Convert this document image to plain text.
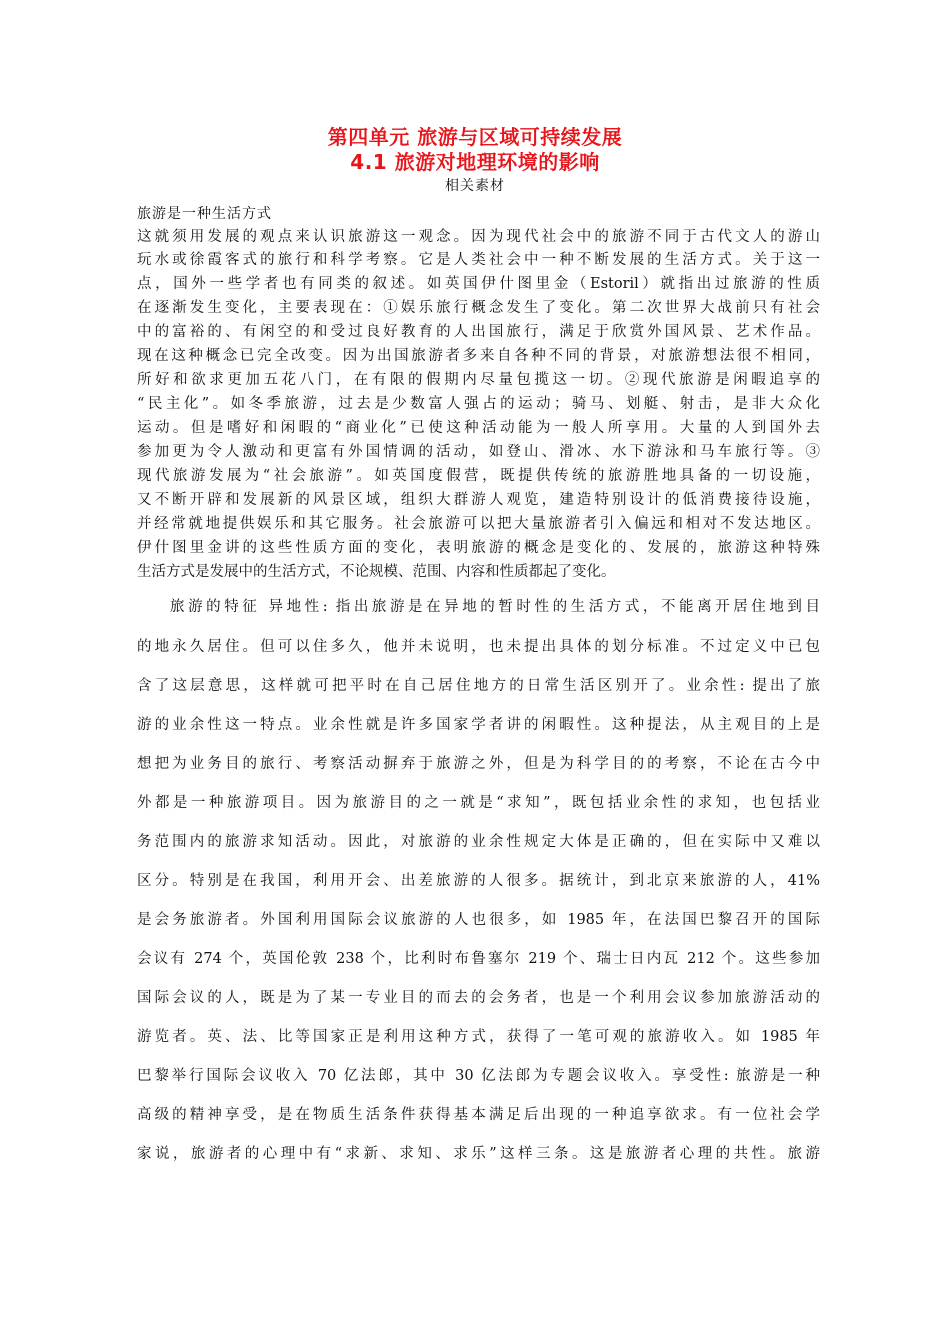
第四单元 旅游与区域可持续发展
4.1 旅游对地理环境的影响
相关素材
旅游是一种生活方式
这就须用发展的观点来认识旅游这一观念。因为现代社会中的旅游不同于古代文人的游山
玩水或徐霞客式的旅行和科学考察。它是人类社会中一种不断发展的生活方式。关于这一
点，国外一些学者也有同类的叙述。如英国伊什图里金（Estoril）就指出过旅游的性质
在逐渐发生变化，主要表现在：①娱乐旅行概念发生了变化。第二次世界大战前只有社会
中的富裕的、有闲空的和受过良好教育的人出国旅行，满足于欣赏外国风景、艺术作品。
现在这种概念已完全改变。因为出国旅游者多来自各种不同的背景，对旅游想法很不相同，
所好和欲求更加五花八门，在有限的假期内尽量包揽这一切。②现代旅游是闲暇追享的
“民主化”。如冬季旅游，过去是少数富人强占的运动；骑马、划艇、射击，是非大众化
运动。但是嗜好和闲暇的“商业化”已使这种活动能为一般人所享用。大量的人到国外去
参加更为令人激动和更富有外国情调的活动，如登山、滑冰、水下游泳和马车旅行等。③
现代旅游发展为“社会旅游”。如英国度假营，既提供传统的旅游胜地具备的一切设施，
又不断开辟和发展新的风景区域，组织大群游人观览，建造特别设计的低消费接待设施，
并经常就地提供娱乐和其它服务。社会旅游可以把大量旅游者引入偏远和相对不发达地区。
伊什图里金讲的这些性质方面的变化，表明旅游的概念是变化的、发展的，旅游这种特殊
生活方式是发展中的生活方式，不论规模、范围、内容和性质都起了变化。
旅游的特征 异地性: 指出旅游是在异地的暂时性的生活方式，不能离开居住地到目
的地永久居住。但可以住多久，他并未说明，也未提出具体的划分标准。不过定义中已包
含了这层意思，这样就可把平时在自己居住地方的日常生活区别开了。业余性: 提出了旅
游的业余性这一特点。业余性就是许多国家学者讲的闲暇性。这种提法，从主观目的上是
想把为业务目的旅行、考察活动摒弃于旅游之外，但是为科学目的的考察，不论在古今中
外都是一种旅游项目。因为旅游目的之一就是“求知”，既包括业余性的求知，也包括业
务范围内的旅游求知活动。因此，对旅游的业余性规定大体是正确的，但在实际中又难以
区分。特别是在我国，利用开会、出差旅游的人很多。据统计，到北京来旅游的人，41%
是会务旅游者。外国利用国际会议旅游的人也很多，如 1985 年，在法国巴黎召开的国际
会议有 274 个，英国伦敦 238 个，比利时布鲁塞尔 219 个、瑞士日内瓦 212 个。这些参加
国际会议的人，既是为了某一专业目的而去的会务者，也是一个利用会议参加旅游活动的
游览者。英、法、比等国家正是利用这种方式，获得了一笔可观的旅游收入。如 1985 年
巴黎举行国际会议收入 70 亿法郎，其中 30 亿法郎为专题会议收入。享受性: 旅游是一种
高级的精神享受，是在物质生活条件获得基本满足后出现的一种追享欲求。有一位社会学
家说，旅游者的心理中有“求新、求知、求乐”这样三条。这是旅游者心理的共性。旅游
